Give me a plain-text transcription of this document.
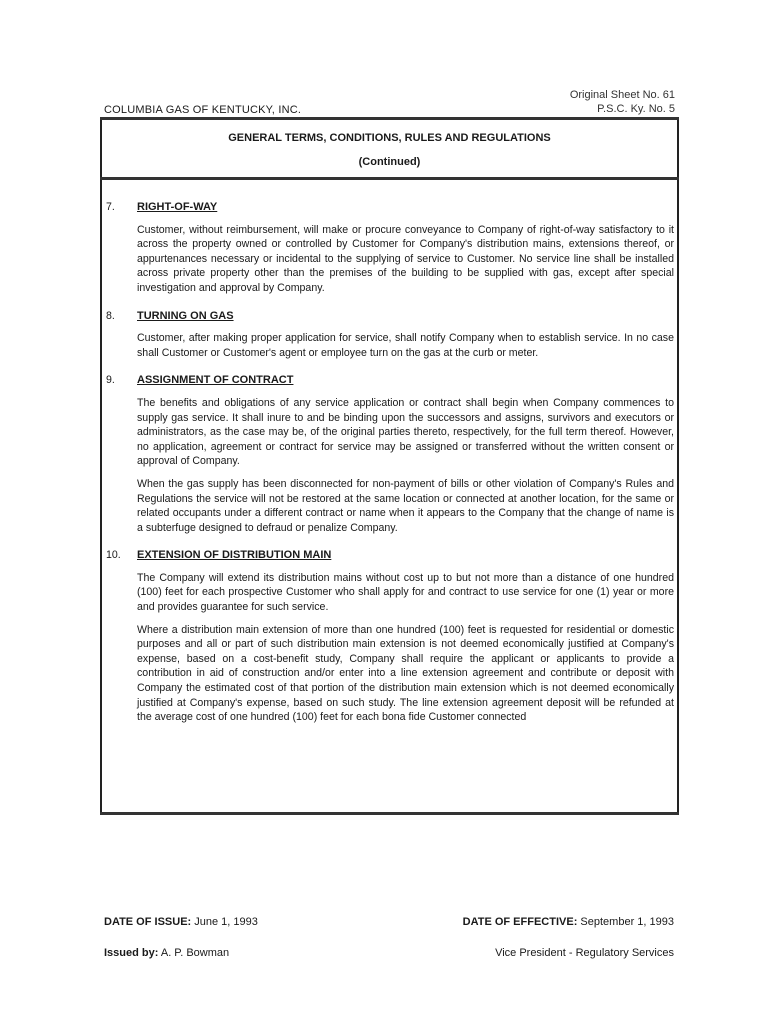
Original Sheet No. 61
P.S.C. Ky. No. 5
COLUMBIA GAS OF KENTUCKY, INC.
GENERAL TERMS, CONDITIONS, RULES AND REGULATIONS
(Continued)
7. RIGHT-OF-WAY

Customer, without reimbursement, will make or procure conveyance to Company of right-of-way satisfactory to it across the property owned or controlled by Customer for Company's distribution mains, extensions thereof, or appurtenances necessary or incidental to the supplying of service to Customer. No service line shall be installed across private property other than the premises of the building to be supplied with gas, except after special investigation and approval by Company.

8. TURNING ON GAS

Customer, after making proper application for service, shall notify Company when to establish service. In no case shall Customer or Customer's agent or employee turn on the gas at the curb or meter.

9. ASSIGNMENT OF CONTRACT

The benefits and obligations of any service application or contract shall begin when Company commences to supply gas service. It shall inure to and be binding upon the successors and assigns, survivors and executors or administrators, as the case may be, of the original parties thereto, respectively, for the full term thereof. However, no application, agreement or contract for service may be assigned or transferred without the written consent or approval of Company.

When the gas supply has been disconnected for non-payment of bills or other violation of Company's Rules and Regulations the service will not be restored at the same location or connected at another location, for the same or related occupants under a different contract or name when it appears to the Company that the change of name is a subterfuge designed to defraud or penalize Company.

10. EXTENSION OF DISTRIBUTION MAIN

The Company will extend its distribution mains without cost up to but not more than a distance of one hundred (100) feet for each prospective Customer who shall apply for and contract to use service for one (1) year or more and provides guarantee for such service.

Where a distribution main extension of more than one hundred (100) feet is requested for residential or domestic purposes and all or part of such distribution main extension is not deemed economically justified at Company's expense, based on a cost-benefit study, Company shall require the applicant or applicants to provide a contribution in aid of construction and/or enter into a line extension agreement and contribute or deposit with Company the estimated cost of that portion of the distribution main extension which is not deemed economically justified at Company's expense, based on such study. The line extension agreement deposit will be refunded at the average cost of one hundred (100) feet for each bona fide Customer connected

DATE OF ISSUE: June 1, 1993	DATE OF EFFECTIVE: September 1, 1993
Issued by: A. P. Bowman	Vice President - Regulatory Services
